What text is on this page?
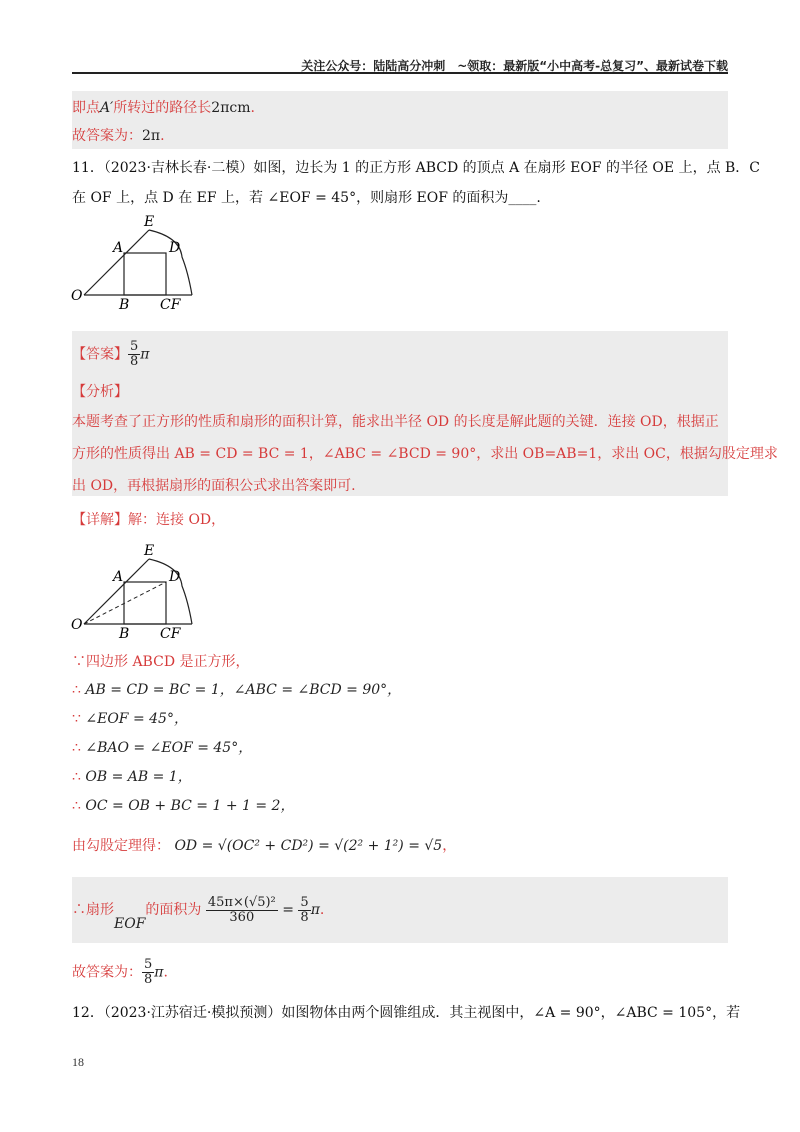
关注公众号：陆陆高分冲刺　~领取：最新版“小中高考-总复习”、最新试卷下载
即点A′所转过的路径长2πcm.
故答案为：2π.
11．（2023·吉林长春·二模）如图，边长为 1 的正方形 ABCD 的顶点 A 在扇形 EOF 的半径 OE 上，点 B．C
在 OF 上，点 D 在 EF 上，若 ∠EOF = 45°，则扇形 EOF 的面积为____.
E
A	D
O
B CF
【答案】 $\frac{5}{8}$ π
【分析】
本题考查了正方形的性质和扇形的面积计算，能求出半径 OD 的长度是解此题的关键．连接 OD，根据正
方形的性质得出 AB = CD = BC = 1，∠ABC = ∠BCD = 90°，求出 OB=AB=1，求出 OC，根据勾股定理求
出 OD，再根据扇形的面积公式求出答案即可.
【详解】解：连接 OD，
E
A	D
O
B CF
∵四边形 ABCD 是正方形，
∴ AB = CD = BC = 1，∠ABC = ∠BCD = 90°，
∵ ∠EOF = 45°，
∴ ∠BAO = ∠EOF = 45°，
∴ OB = AB = 1，
∴ OC = OB + BC = 1 + 1 = 2，
由勾股定理得： OD = √(OC² + CD²) = √(2² + 1²) = √5，
∴扇形EOF的面积为 $\frac{\text{45π×(√5)²}}{360} = \frac{5}{8} \pi$.
故答案为： $\frac{5}{8} \pi$.
12．（2023·江苏宿迁·模拟预测）如图物体由两个圆锥组成．其主视图中，∠A = 90°，∠ABC = 105°，若
18
